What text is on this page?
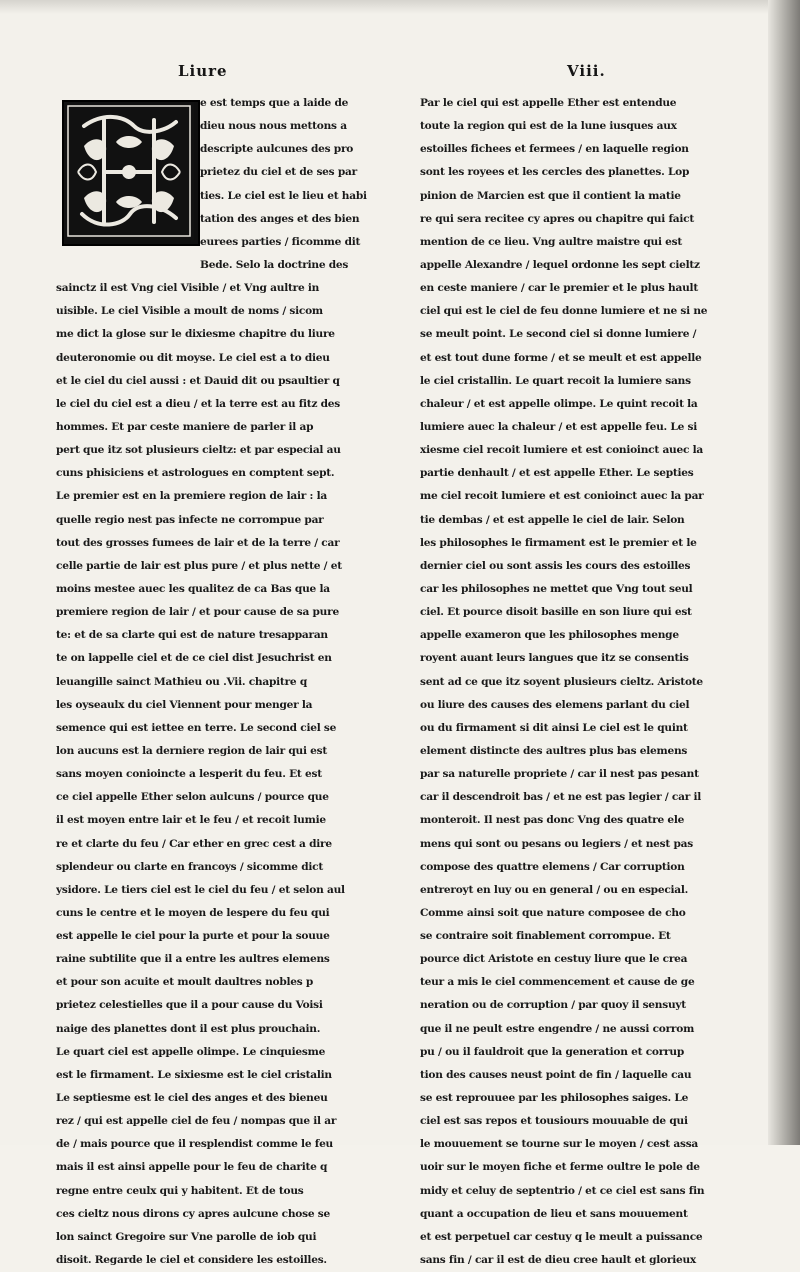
Liure	Viii.
e est temps que a laide de
dieu nous nous mettons a
descripte aulcunes des pro
prietez du ciel et de ses par
ties. Le ciel est le lieu et habi
tation des anges et des bien
eurees parties / ficomme dit
Bede. Selo la doctrine des
sainctz il est Vng ciel Visible / et Vng aultre in
uisible. Le ciel Visible a moult de noms / sicom
me dict la glose sur le dixiesme chapitre du liure
deuteronomie ou dit moyse. Le ciel est a to dieu
et le ciel du ciel aussi : et Dauid dit ou psaultier q
le ciel du ciel est a dieu / et la terre est au fitz des
hommes. Et par ceste maniere de parler il ap
pert que itz sot plusieurs cieltz: et par especial au
cuns phisiciens et astrologues en comptent sept.
Le premier est en la premiere region de lair : la
quelle regio nest pas infecte ne corrompue par
tout des grosses fumees de lair et de la terre / car
celle partie de lair est plus pure / et plus nette / et
moins mestee auec les qualitez de ca Bas que la
premiere region de lair / et pour cause de sa pure
te: et de sa clarte qui est de nature tresapparan
te on lappelle ciel et de ce ciel dist Jesuchrist en
leuangille sainct Mathieu ou .Vii. chapitre q
les oyseaulx du ciel Viennent pour menger la
semence qui est iettee en terre. Le second ciel se
lon aucuns est la derniere region de lair qui est
sans moyen conioincte a lesperit du feu. Et est
ce ciel appelle Ether selon aulcuns / pource que
il est moyen entre lair et le feu / et recoit lumie
re et clarte du feu / Car ether en grec cest a dire
splendeur ou clarte en francoys / sicomme dict
ysidore. Le tiers ciel est le ciel du feu / et selon aul
cuns le centre et le moyen de lespere du feu qui
est appelle le ciel pour la purte et pour la souue
raine subtilite que il a entre les aultres elemens
et pour son acuite et moult daultres nobles p
prietez celestielles que il a pour cause du Voisi
naige des planettes dont il est plus prouchain.
Le quart ciel est appelle olimpe. Le cinquiesme
est le firmament. Le sixiesme est le ciel cristalin
Le septiesme est le ciel des anges et des bieneu
rez / qui est appelle ciel de feu / nompas que il ar
de / mais pource que il resplendist comme le feu
mais il est ainsi appelle pour le feu de charite q
regne entre ceulx qui y habitent. Et de tous
ces cieltz nous dirons cy apres aulcune chose se
lon sainct Gregoire sur Vne parolle de iob qui
disoit. Regarde le ciel et considere les estoilles.
Par le ciel qui est appelle Ether est entendue
toute la region qui est de la lune iusques aux
estoilles fichees et fermees / en laquelle region
sont les royees et les cercles des planettes. Lop
pinion de Marcien est que il contient la matie
re qui sera recitee cy apres ou chapitre qui faict
mention de ce lieu. Vng aultre maistre qui est
appelle Alexandre / lequel ordonne les sept cieltz
en ceste maniere / car le premier et le plus hault
ciel qui est le ciel de feu donne lumiere et ne si ne
se meult point. Le second ciel si donne lumiere /
et est tout dune forme / et se meult et est appelle
le ciel cristallin. Le quart recoit la lumiere sans
chaleur / et est appelle olimpe. Le quint recoit la
lumiere auec la chaleur / et est appelle feu. Le si
xiesme ciel recoit lumiere et est conioinct auec la
partie denhault / et est appelle Ether. Le septies
me ciel recoit lumiere et est conioinct auec la par
tie dembas / et est appelle le ciel de lair. Selon
les philosophes le firmament est le premier et le
dernier ciel ou sont assis les cours des estoilles
car les philosophes ne mettet que Vng tout seul
ciel. Et pource disoit basille en son liure qui est
appelle exameron que les philosophes menge
royent auant leurs langues que itz se consentis
sent ad ce que itz soyent plusieurs cieltz. Aristote
ou liure des causes des elemens parlant du ciel
ou du firmament si dit ainsi Le ciel est le quint
element distincte des aultres plus bas elemens
par sa naturelle propriete / car il nest pas pesant
car il descendroit bas / et ne est pas legier / car il
monteroit. Il nest pas donc Vng des quatre ele
mens qui sont ou pesans ou legiers / et nest pas
compose des quattre elemens / Car corruption
entreroyt en luy ou en general / ou en especial.
Comme ainsi soit que nature composee de cho
se contraire soit finablement corrompue. Et
pource dict Aristote en cestuy liure que le crea
teur a mis le ciel commencement et cause de ge
neration ou de corruption / par quoy il sensuyt
que il ne peult estre engendre / ne aussi corrom
pu / ou il fauldroit que la generation et corrup
tion des causes neust point de fin / laquelle cau
se est reprouuee par les philosophes saiges. Le
ciel est sas repos et tousiours mouuable de qui
le mouuement se tourne sur le moyen / cest assa
uoir sur le moyen fiche et ferme oultre le pole de
midy et celuy de septentrio / et ce ciel est sans fin
quant a occupation de lieu et sans mouuement
et est perpetuel car cestuy q le meult a puissance
sans fin / car il est de dieu cree hault et glorieux
